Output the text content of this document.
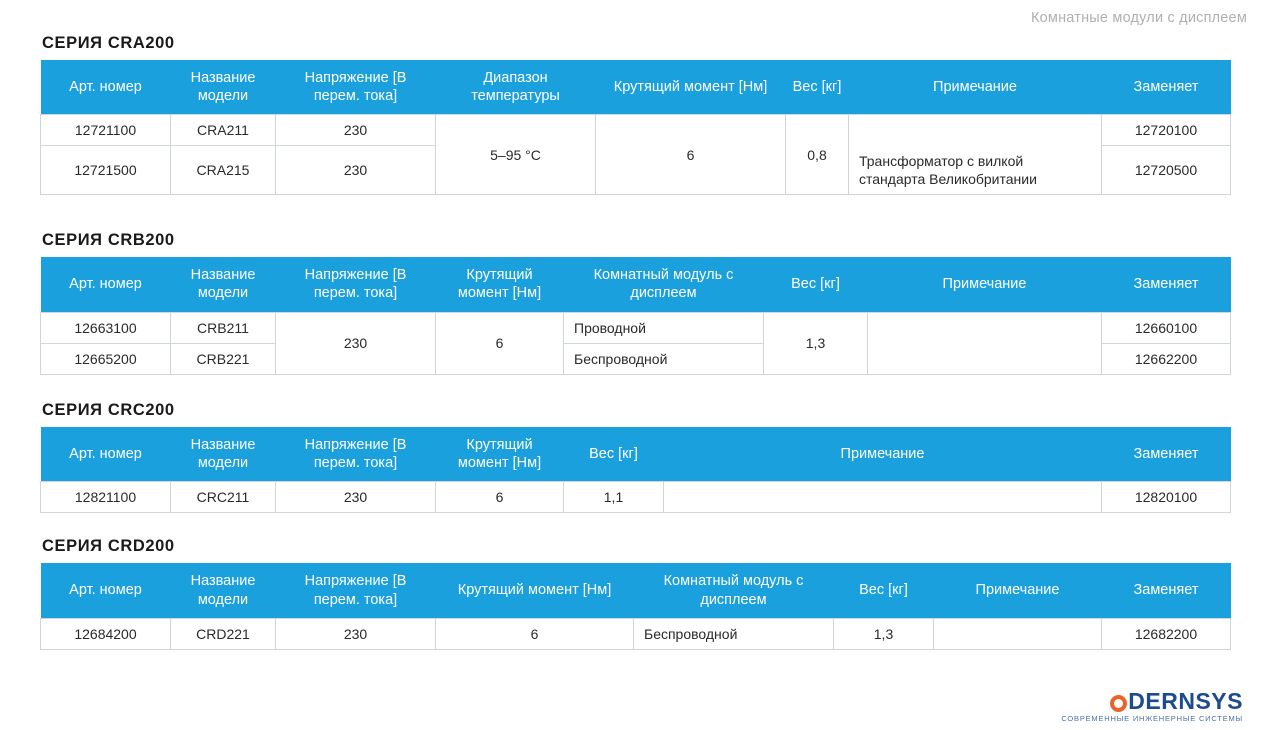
Комнатные модули с дисплеем
СЕРИЯ CRA200
Арт. номер	Название модели	Напряжение [В перем. тока]	Диапазон температуры	Крутящий момент [Нм]	Вес [кг]	Примечание	Заменяет
12721100	CRA211	230	5–95 °C	6	0,8		12720100
12721500	CRA215	230				Трансформатор с вилкой стандарта Великобритании	12720500
СЕРИЯ CRB200
Арт. номер	Название модели	Напряжение [В перем. тока]	Крутящий момент [Нм]	Комнатный модуль с дисплеем	Вес [кг]	Примечание	Заменяет
12663100	CRB211	230	6	Проводной	1,3		12660100
12665200	CRB221			Беспроводной			12662200
СЕРИЯ CRC200
Арт. номер	Название модели	Напряжение [В перем. тока]	Крутящий момент [Нм]	Вес [кг]	Примечание	Заменяет
12821100	CRC211	230	6	1,1		12820100
СЕРИЯ CRD200
Арт. номер	Название модели	Напряжение [В перем. тока]	Крутящий момент [Нм]	Комнатный модуль с дисплеем	Вес [кг]	Примечание	Заменяет
12684200	CRD221	230	6	Беспроводной	1,3		12682200
DERNSYS
СОВРЕМЕННЫЕ ИНЖЕНЕРНЫЕ СИСТЕМЫ
